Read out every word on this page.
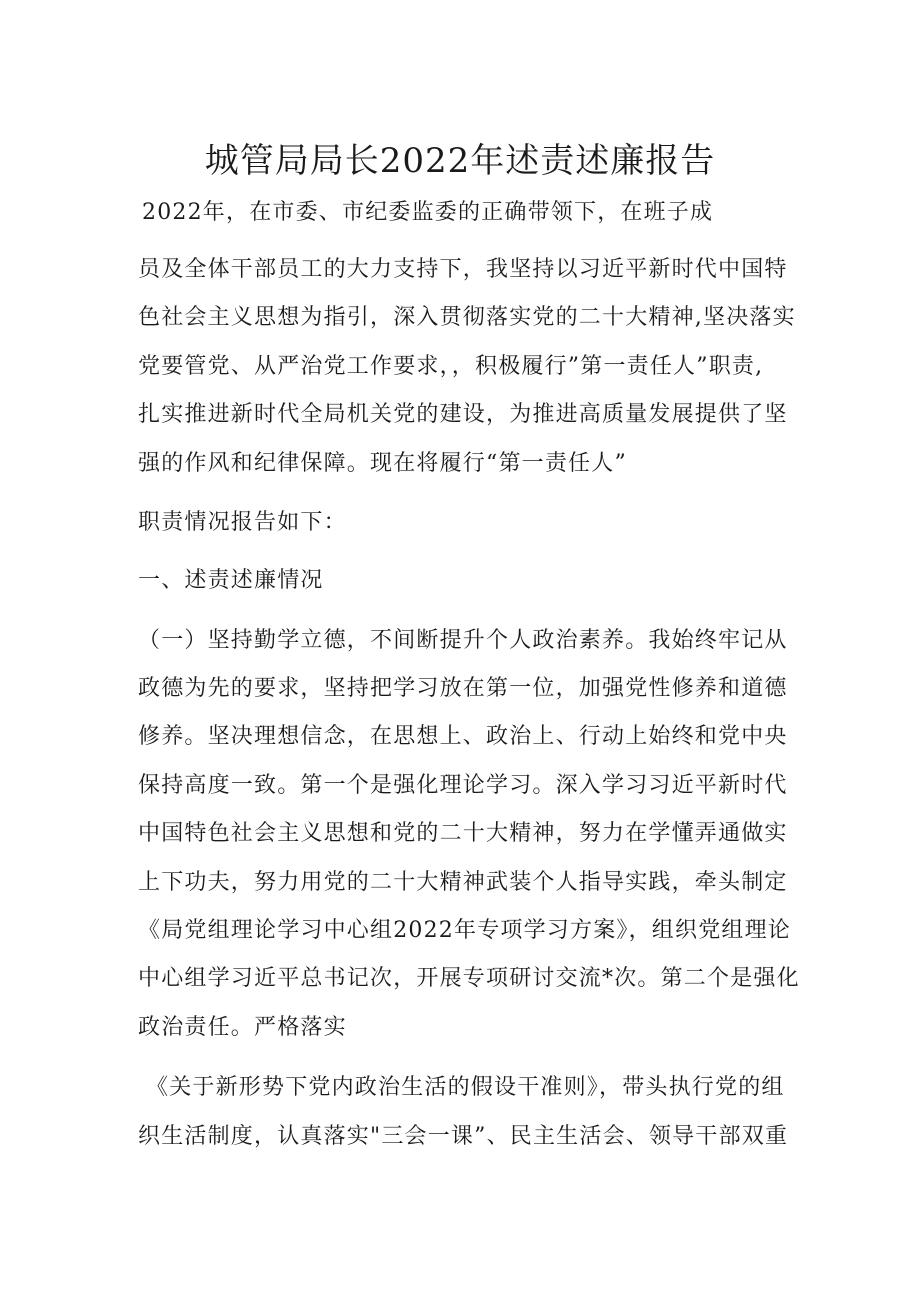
城管局局长2022年述责述廉报告
2022年，在市委、市纪委监委的正确带领下，在班子成
员及全体干部员工的大力支持下，我坚持以习近平新时代中国特
色社会主义思想为指引，深入贯彻落实党的二十大精神,坚决落实
党要管党、从严治党工作要求，，积极履行”第一责任人”职责,
扎实推进新时代全局机关党的建设，为推进高质量发展提供了坚
强的作风和纪律保障。现在将履行“第一责任人”
职责情况报告如下：
一、述责述廉情况
（一）坚持勤学立德，不间断提升个人政治素养。我始终牢记从
政德为先的要求，坚持把学习放在第一位，加强党性修养和道德
修养。坚决理想信念，在思想上、政治上、行动上始终和党中央
保持高度一致。第一个是强化理论学习。深入学习习近平新时代
中国特色社会主义思想和党的二十大精神，努力在学懂弄通做实
上下功夫，努力用党的二十大精神武装个人指导实践，牵头制定
《局党组理论学习中心组2022年专项学习方案》，组织党组理论
中心组学习近平总书记次，开展专项研讨交流*次。第二个是强化
政治责任。严格落实
《关于新形势下党内政治生活的假设干准则》，带头执行党的组
织生活制度，认真落实"三会一课”、民主生活会、领导干部双重
